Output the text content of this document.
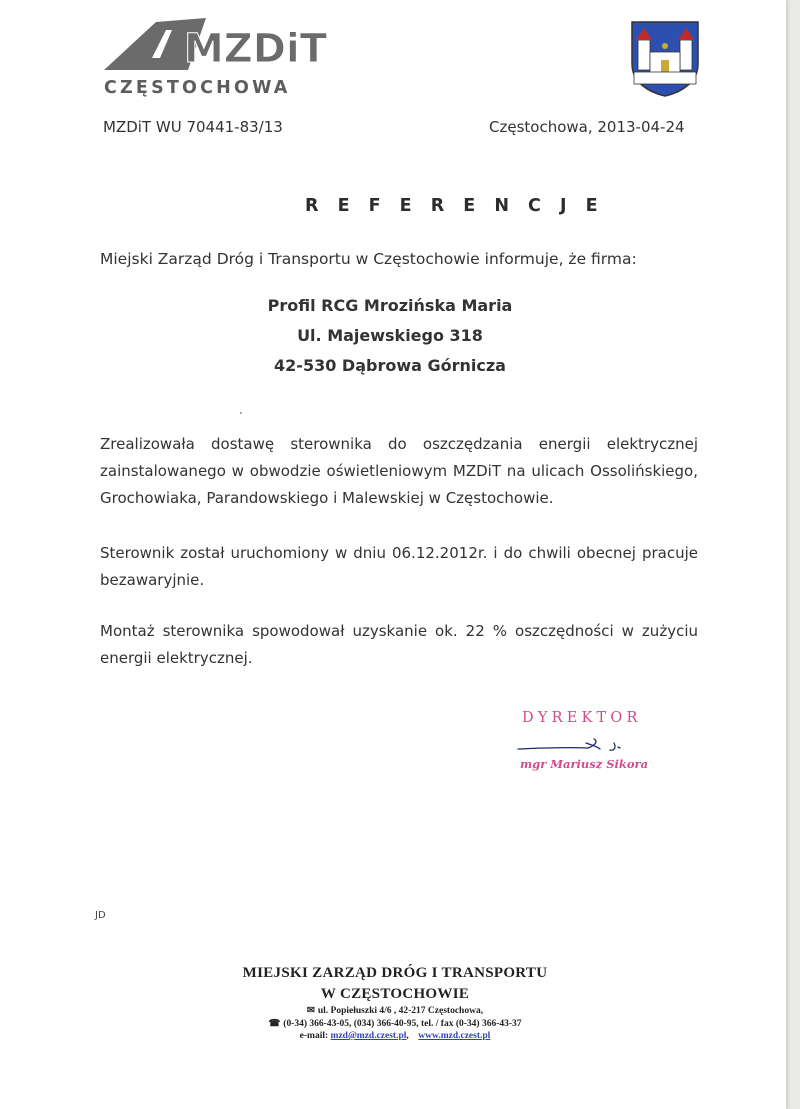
MZDiT
CZĘSTOCHOWA
MZDiT WU 70441-83/13	Częstochowa, 2013-04-24
R E F E R E N C J E
Miejski Zarząd Dróg i Transportu w Częstochowie informuje, że firma:
Profil RCG Mrozińska Maria
Ul. Majewskiego 318
42-530 Dąbrowa Górnicza
Zrealizowała dostawę sterownika do oszczędzania energii elektrycznej zainstalowanego w obwodzie oświetleniowym MZDiT na ulicach Ossolińskiego, Grochowiaka, Parandowskiego i Malewskiej w Częstochowie.
Sterownik został uruchomiony w dniu 06.12.2012r. i do chwili obecnej pracuje bezawaryjnie.
Montaż sterownika spowodował uzyskanie ok. 22 % oszczędności w zużyciu energii elektrycznej.
DYREKTOR
mgr Mariusz Sikora
JD
MIEJSKI ZARZĄD DRÓG I TRANSPORTU
W CZĘSTOCHOWIE
✉ ul. Popiełuszki 4/6 , 42-217 Częstochowa,
☎ (0-34) 366-43-05, (034) 366-40-95, tel. / fax (0-34) 366-43-37
e-mail: mzd@mzd.czest.pl, www.mzd.czest.pl
